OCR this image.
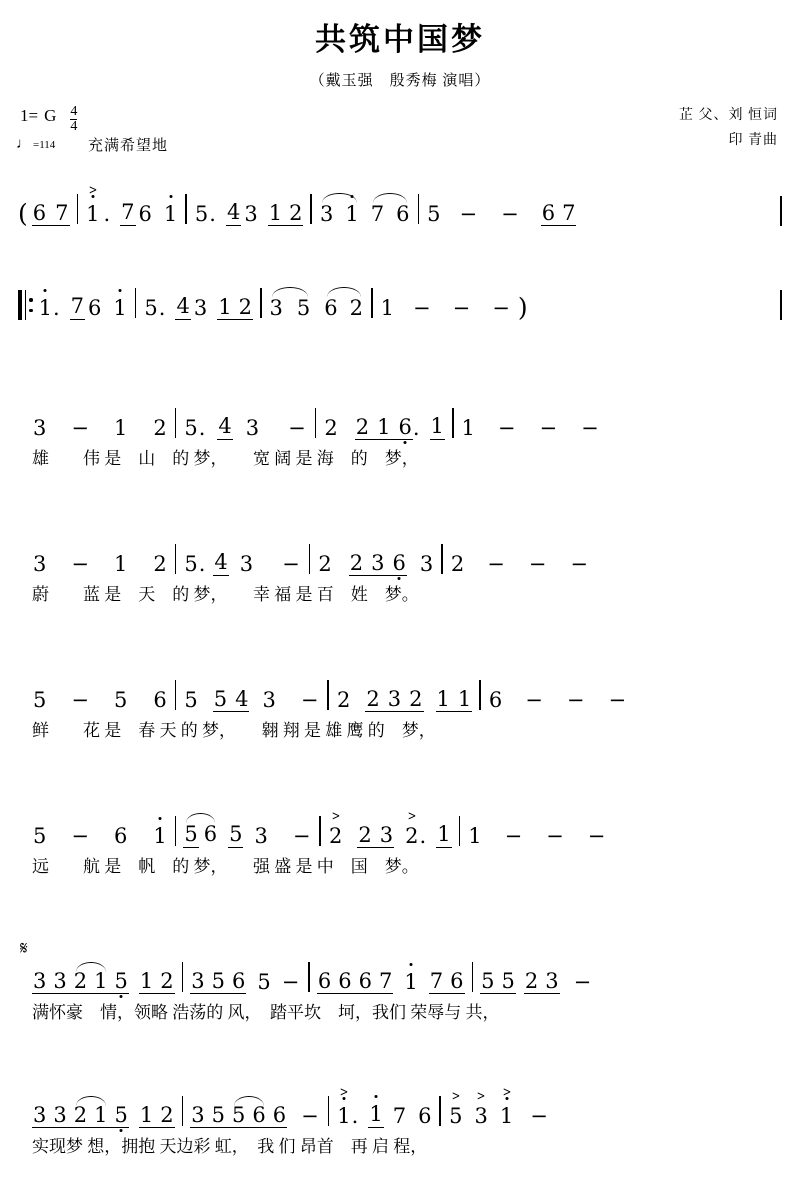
共筑中国梦
（戴玉强　殷秀梅 演唱）
1= G $\frac{4}{4}$
♩ =114 充满希望地
芷 父、刘 恒词
印 青曲
( 6 7 > 1 . 7 6 1 5 . 4 3 1 2 3 1 7 6 5 − − 6 7
1 . 7 6 1 5 . 4 3 1 2 3 5 6 2 1 − − − )
3 − 1 2 5 . 4 3 − 2 2 1 6 . 1 1 − − −
雄　　伟 是　山　的 梦，　　宽 阔 是 海　的　梦，
3 − 1 2 5 . 4 3 − 2 2 3 6 3 2 − − −
蔚　　蓝 是　天　的 梦，　　幸 福 是 百　姓　梦。
5 − 5 6 5 5 4 3 − 2 2 3 2 1 1 6 − − −
鲜　　花 是　春 天 的 梦，　　翱 翔 是 雄 鹰 的　梦，
5 − 6 1 5 6 5 3 − > 2 2 3 > 2 . 1 1 − − −
远　　航 是　帆　的 梦，　　强 盛 是 中　国　梦。
𝄋
3 3 2 1 5 1 2 3 5 6 5 − 6 6 6 7 1 7 6 5 5 2 3 −
满怀豪　情，领略 浩荡的 风，　踏平坎　坷，我们 荣辱与 共，
3 3 2 1 5 1 2 3 5 5 6 6 − > 1 . 1 7 6 > 5 > 3 > 1 −
实现梦 想，拥抱 天边彩 虹，　我 们 昂首　再 启 程，
